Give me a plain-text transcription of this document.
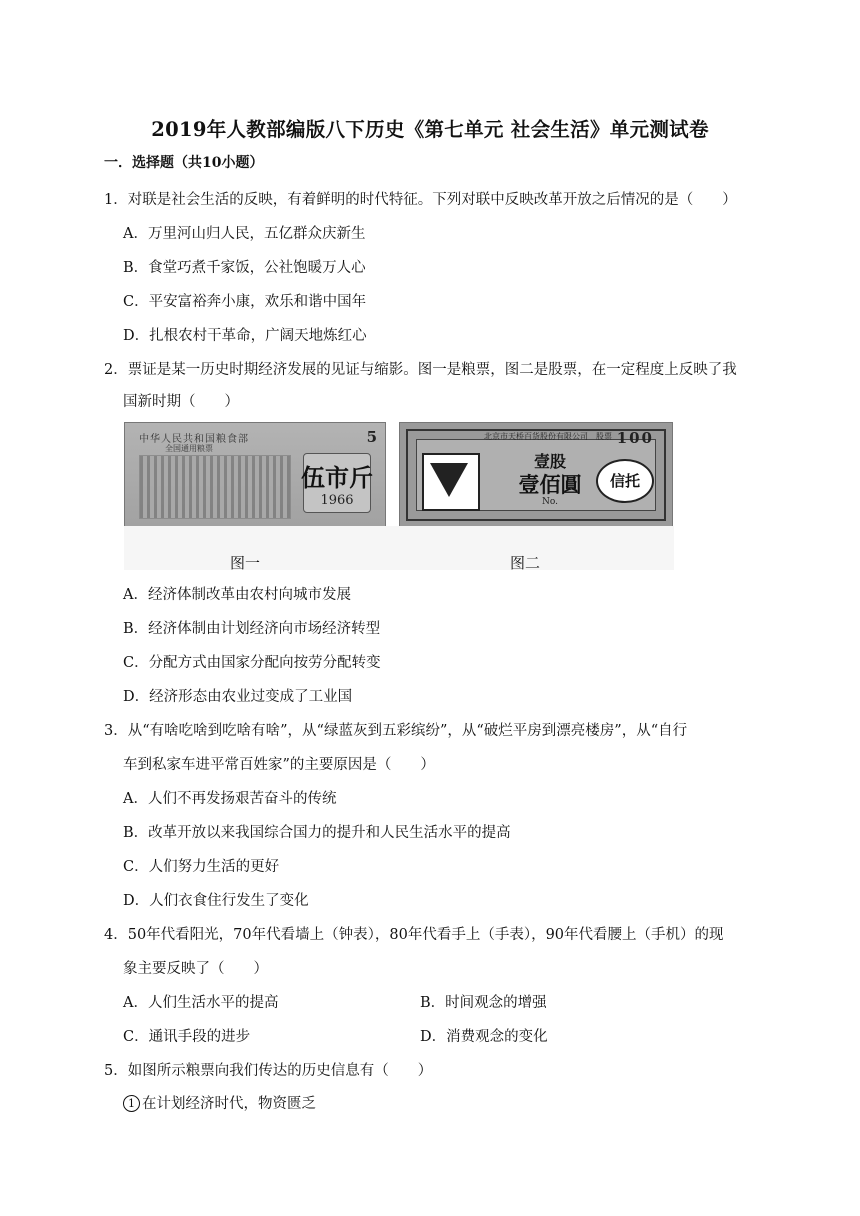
2019年人教部编版八下历史《第七单元 社会生活》单元测试卷
一．选择题（共10小题）
1．对联是社会生活的反映，有着鲜明的时代特征。下列对联中反映改革开放之后情况的是（　　）
A．万里河山归人民，五亿群众庆新生
B．食堂巧煮千家饭，公社饱暖万人心
C．平安富裕奔小康，欢乐和谐中国年
D．扎根农村干革命，广阔天地炼红心
2．票证是某一历史时期经济发展的见证与缩影。图一是粮票，图二是股票，在一定程度上反映了我
国新时期（　　）
中华人民共和国粮食部
全国通用粮票
5
伍市斤
1966
北京市天桥百货股份有限公司　股票 100
壹股
壹佰圓
No.
信托
图一	图二
A．经济体制改革由农村向城市发展
B．经济体制由计划经济向市场经济转型
C．分配方式由国家分配向按劳分配转变
D．经济形态由农业过变成了工业国
3．从“有啥吃啥到吃啥有啥”，从“绿蓝灰到五彩缤纷”，从“破烂平房到漂亮楼房”，从“自行
车到私家车进平常百姓家”的主要原因是（　　）
A．人们不再发扬艰苦奋斗的传统
B．改革开放以来我国综合国力的提升和人民生活水平的提高
C．人们努力生活的更好
D．人们衣食住行发生了变化
4．50年代看阳光，70年代看墙上（钟表），80年代看手上（手表），90年代看腰上（手机）的现
象主要反映了（　　）
A．人们生活水平的提高	B．时间观念的增强
C．通讯手段的进步	D．消费观念的变化
5．如图所示粮票向我们传达的历史信息有（　　）
1 在计划经济时代，物资匮乏
